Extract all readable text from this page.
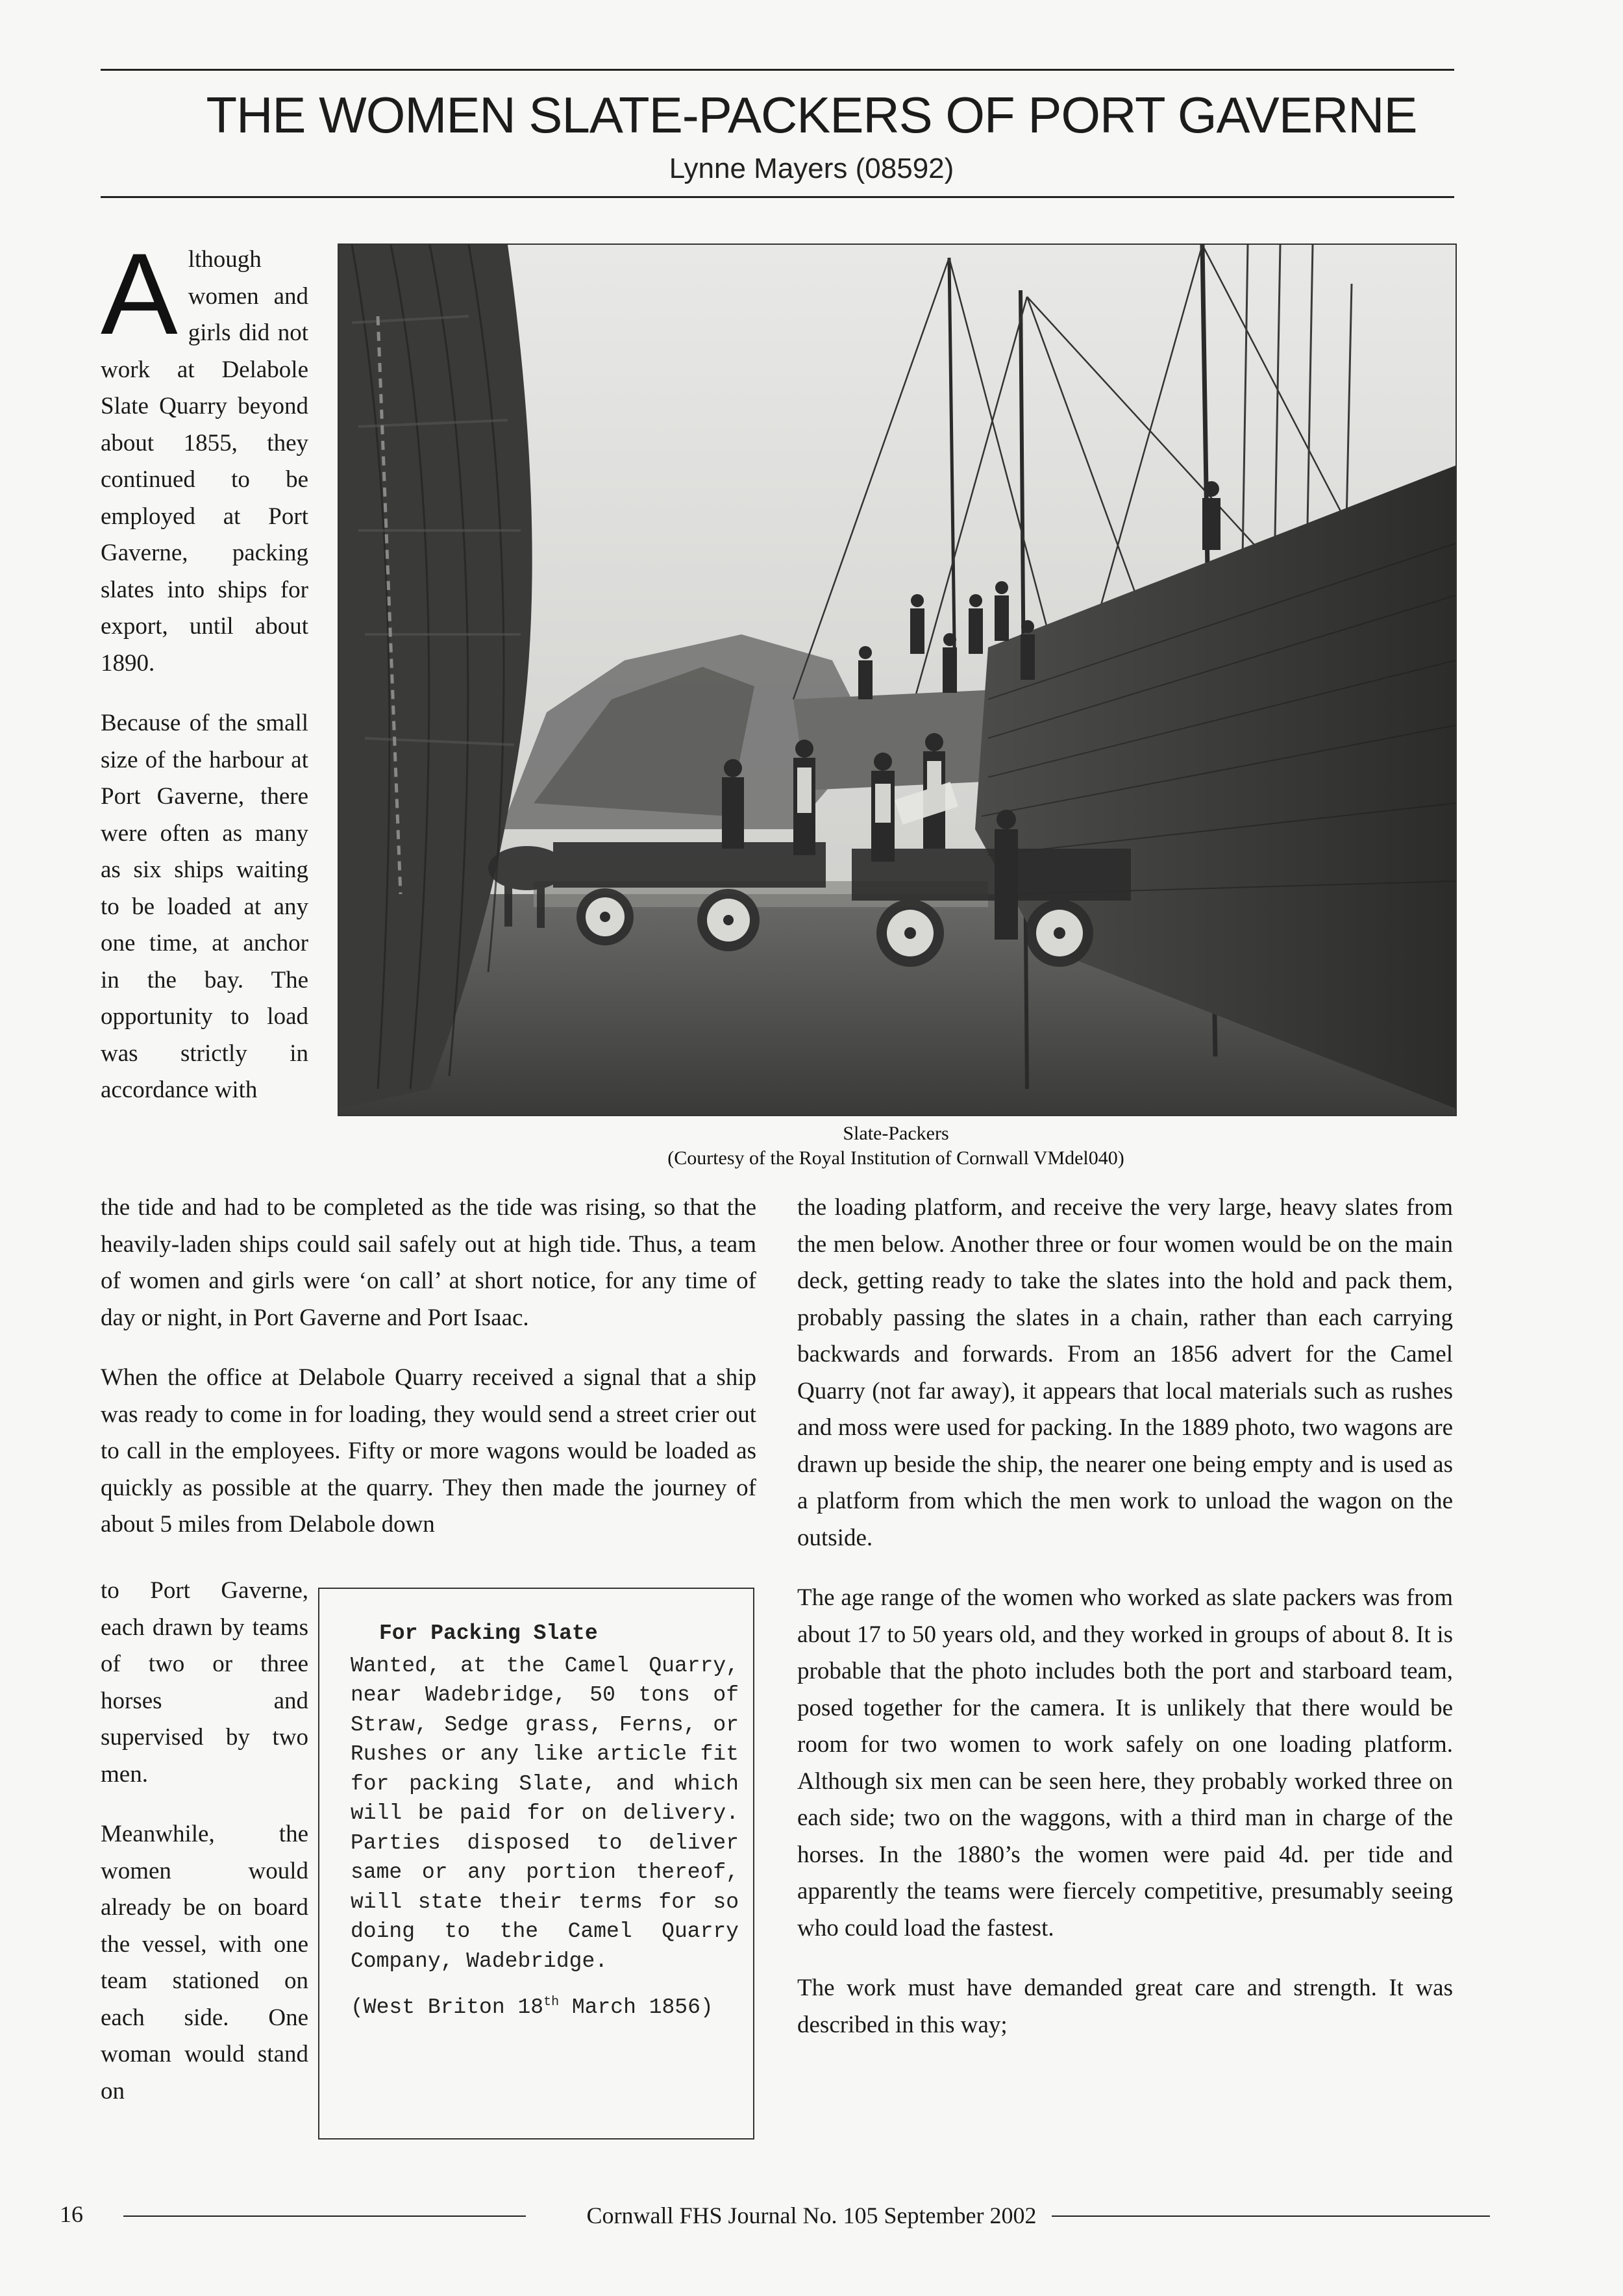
THE WOMEN SLATE-PACKERS OF PORT GAVERNE
Lynne Mayers (08592)

Although women and girls did not work at Delabole Slate Quarry beyond about 1855, they continued to be employed at Port Gaverne, packing slates into ships for export, until about 1890.

Because of the small size of the harbour at Port Gaverne, there were often as many as six ships waiting to be loaded at any one time, at anchor in the bay. The opportunity to load was strictly in accordance with

Slate-Packers
(Courtesy of the Royal Institution of Cornwall VMdel040)

the tide and had to be completed as the tide was rising, so that the heavily-laden ships could sail safely out at high tide. Thus, a team of women and girls were ‘on call’ at short notice, for any time of day or night, in Port Gaverne and Port Isaac.

When the office at Delabole Quarry received a signal that a ship was ready to come in for loading, they would send a street crier out to call in the employees. Fifty or more wagons would be loaded as quickly as possible at the quarry. They then made the journey of about 5 miles from Delabole down

to Port Gaverne, each drawn by teams of two or three horses and supervised by two men.

Meanwhile, the women would already be on board the vessel, with one team stationed on each side. One woman would stand on

For Packing Slate

Wanted, at the Camel Quarry, near Wadebridge, 50 tons of Straw, Sedge grass, Ferns, or Rushes or any like article fit for packing Slate, and which will be paid for on delivery. Parties disposed to deliver same or any portion thereof, will state their terms for so doing to the Camel Quarry Company, Wadebridge.

(West Briton 18th March 1856)

the loading platform, and receive the very large, heavy slates from the men below. Another three or four women would be on the main deck, getting ready to take the slates into the hold and pack them, probably passing the slates in a chain, rather than each carrying backwards and forwards. From an 1856 advert for the Camel Quarry (not far away), it appears that local materials such as rushes and moss were used for packing. In the 1889 photo, two wagons are drawn up beside the ship, the nearer one being empty and is used as a platform from which the men work to unload the wagon on the outside.

The age range of the women who worked as slate packers was from about 17 to 50 years old, and they worked in groups of about 8. It is probable that the photo includes both the port and starboard team, posed together for the camera. It is unlikely that there would be room for two women to work safely on one loading platform. Although six men can be seen here, they probably worked three on each side; two on the waggons, with a third man in charge of the horses. In the 1880’s the women were paid 4d. per tide and apparently the teams were fiercely competitive, presumably seeing who could load the fastest.

The work must have demanded great care and strength. It was described in this way;

16	Cornwall FHS Journal No. 105 September 2002
